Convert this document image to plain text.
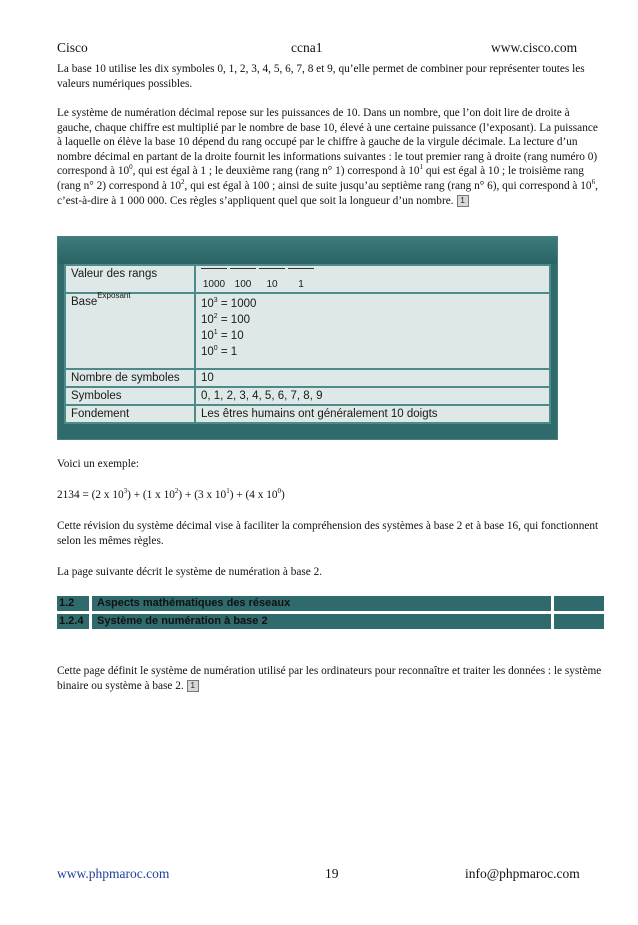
Cisco	ccna1	www.cisco.com
La base 10 utilise les dix symboles 0, 1, 2, 3, 4, 5, 6, 7, 8 et 9, qu’elle permet de combiner pour représenter toutes les valeurs numériques possibles.
Le système de numération décimal repose sur les puissances de 10. Dans un nombre, que l’on doit lire de droite à gauche, chaque chiffre est multiplié par le nombre de base 10, élevé à une certaine puissance (l’exposant). La puissance à laquelle on élève la base 10 dépend du rang occupé par le chiffre à gauche de la virgule décimale. La lecture d’un nombre décimal en partant de la droite fournit les informations suivantes : le tout premier rang à droite (rang numéro 0) correspond à $10^0$, qui est égal à 1 ; le deuxième rang (rang n° 1) correspond à $10^1$ qui est égal à 10 ; le troisième rang (rang n° 2) correspond à $10^2$, qui est égal à 100 ; ainsi de suite jusqu’au septième rang (rang n° 6), qui correspond à $10^6$, c’est-à-dire à 1 000 000. Ces règles s’appliquent quel que soit la longueur d’un nombre. 1
Valeur des rangs	1000 100 10 1
Base$^{Exposant}$	$10^3 = 1000$
$10^2 = 100$
$10^1 = 10$
$10^0 = 1$

Nombre de symboles	10
Symboles	0, 1, 2, 3, 4, 5, 6, 7, 8, 9
Fondement	Les êtres humains ont généralement 10 doigts
Voici un exemple:
2134 = (2 x $10^3) + (1$ x $10^2) + (3$ x $10^1) + (4$ x $10^0$)
Cette révision du système décimal vise à faciliter la compréhension des systèmes à base 2 et à base 16, qui fonctionnent selon les mêmes règles.
La page suivante décrit le système de numération à base 2.
1.2	Aspects mathématiques des réseaux
1.2.4	Système de numération à base 2
Cette page définit le système de numération utilisé par les ordinateurs pour reconnaître et traiter les données : le système binaire ou système à base 2. 1
www.phpmaroc.com	19	info@phpmaroc.com
